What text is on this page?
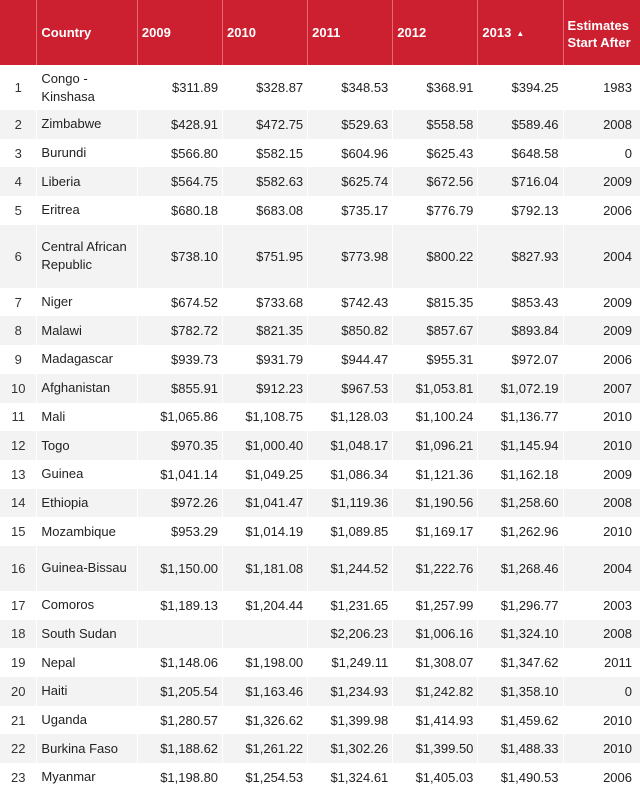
	Country	2009	2010	2011	2012	2013 ▲	Estimates Start After
1	Congo - Kinshasa	$311.89	$328.87	$348.53	$368.91	$394.25	1983
2	Zimbabwe	$428.91	$472.75	$529.63	$558.58	$589.46	2008
3	Burundi	$566.80	$582.15	$604.96	$625.43	$648.58	0
4	Liberia	$564.75	$582.63	$625.74	$672.56	$716.04	2009
5	Eritrea	$680.18	$683.08	$735.17	$776.79	$792.13	2006
6	Central African Republic	$738.10	$751.95	$773.98	$800.22	$827.93	2004
7	Niger	$674.52	$733.68	$742.43	$815.35	$853.43	2009
8	Malawi	$782.72	$821.35	$850.82	$857.67	$893.84	2009
9	Madagascar	$939.73	$931.79	$944.47	$955.31	$972.07	2006
10	Afghanistan	$855.91	$912.23	$967.53	$1,053.81	$1,072.19	2007
11	Mali	$1,065.86	$1,108.75	$1,128.03	$1,100.24	$1,136.77	2010
12	Togo	$970.35	$1,000.40	$1,048.17	$1,096.21	$1,145.94	2010
13	Guinea	$1,041.14	$1,049.25	$1,086.34	$1,121.36	$1,162.18	2009
14	Ethiopia	$972.26	$1,041.47	$1,119.36	$1,190.56	$1,258.60	2008
15	Mozambique	$953.29	$1,014.19	$1,089.85	$1,169.17	$1,262.96	2010
16	Guinea-Bissau	$1,150.00	$1,181.08	$1,244.52	$1,222.76	$1,268.46	2004
17	Comoros	$1,189.13	$1,204.44	$1,231.65	$1,257.99	$1,296.77	2003
18	South Sudan			$2,206.23	$1,006.16	$1,324.10	2008
19	Nepal	$1,148.06	$1,198.00	$1,249.11	$1,308.07	$1,347.62	2011
20	Haiti	$1,205.54	$1,163.46	$1,234.93	$1,242.82	$1,358.10	0
21	Uganda	$1,280.57	$1,326.62	$1,399.98	$1,414.93	$1,459.62	2010
22	Burkina Faso	$1,188.62	$1,261.22	$1,302.26	$1,399.50	$1,488.33	2010
23	Myanmar	$1,198.80	$1,254.53	$1,324.61	$1,405.03	$1,490.53	2006
